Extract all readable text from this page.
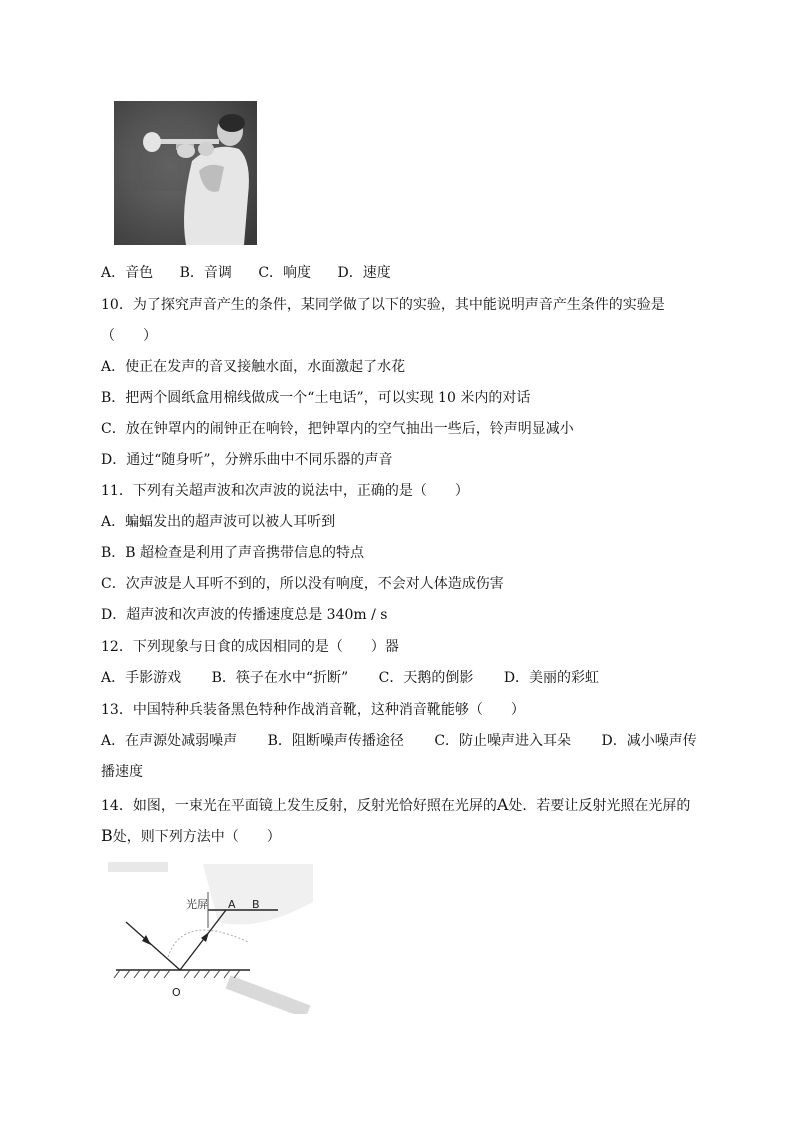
A．音色 B．音调 C．响度 D．速度
10．为了探究声音产生的条件，某同学做了以下的实验，其中能说明声音产生条件的实验是
（　　）
A．使正在发声的音叉接触水面，水面激起了水花
B．把两个圆纸盒用棉线做成一个“土电话”，可以实现 10 米内的对话
C．放在钟罩内的闹钟正在响铃，把钟罩内的空气抽出一些后，铃声明显减小
D．通过“随身听”，分辨乐曲中不同乐器的声音
11．下列有关超声波和次声波的说法中，正确的是（　　）
A．蝙蝠发出的超声波可以被人耳听到
B．B 超检查是利用了声音携带信息的特点
C．次声波是人耳听不到的，所以没有响度，不会对人体造成伤害
D．超声波和次声波的传播速度总是 340m / s
12．下列现象与日食的成因相同的是（　　）器
A．手影游戏 B．筷子在水中“折断” C．天鹅的倒影 D．美丽的彩虹
13．中国特种兵装备黑色特种作战消音靴，这种消音靴能够（　　）
A．在声源处减弱噪声 B．阻断噪声传播途径 C．防止噪声进入耳朵 D．减小噪声传
播速度
14．如图，一束光在平面镜上发生反射，反射光恰好照在光屏的A处．若要让反射光照在光屏的
B处，则下列方法中（　　）
光屏 A B
O
